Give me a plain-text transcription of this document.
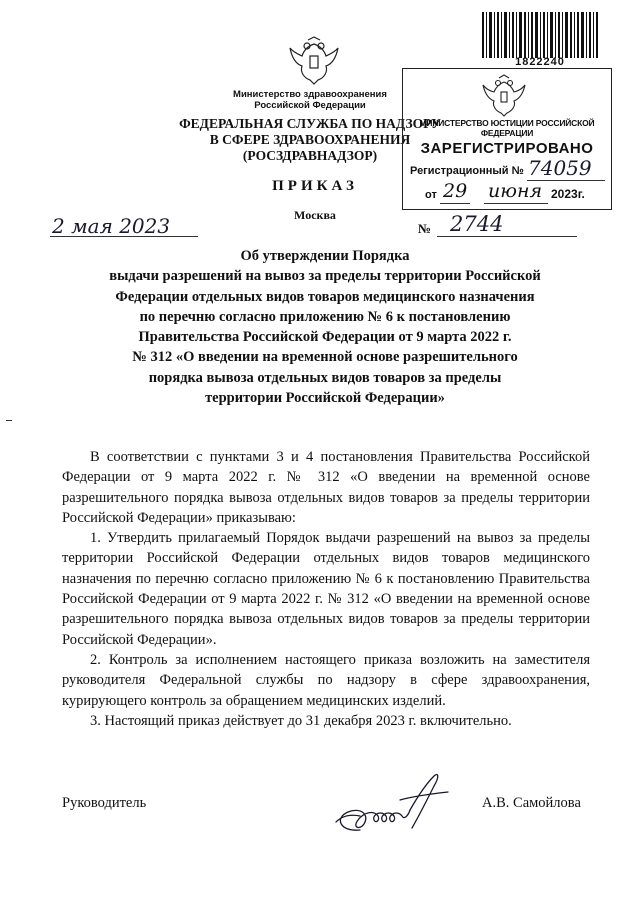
1822240
Министерство здравоохранения
Российской Федерации
ФЕДЕРАЛЬНАЯ СЛУЖБА ПО НАДЗОРУ
В СФЕРЕ ЗДРАВООХРАНЕНИЯ
(РОСЗДРАВНАДЗОР)
МИНИСТЕРСТВО ЮСТИЦИИ РОССИЙСКОЙ ФЕДЕРАЦИИ
ЗАРЕГИСТРИРОВАНО
Регистрационный № 74059
от 29 июня 2023г.
ПРИКАЗ
Москва
2 мая 2023	№ 2744
Об утверждении Порядка
выдачи разрешений на вывоз за пределы территории Российской
Федерации отдельных видов товаров медицинского назначения
по перечню согласно приложению № 6 к постановлению
Правительства Российской Федерации от 9 марта 2022 г.
№ 312 «О введении на временной основе разрешительного
порядка вывоза отдельных видов товаров за пределы
территории Российской Федерации»

В соответствии с пунктами 3 и 4 постановления Правительства Российской Федерации от 9 марта 2022 г. № 312 «О введении на временной основе разрешительного порядка вывоза отдельных видов товаров за пределы территории Российской Федерации» приказываю:

1. Утвердить прилагаемый Порядок выдачи разрешений на вывоз за пределы территории Российской Федерации отдельных видов товаров медицинского назначения по перечню согласно приложению № 6 к постановлению Правительства Российской Федерации от 9 марта 2022 г. № 312 «О введении на временной основе разрешительного порядка вывоза отдельных видов товаров за пределы территории Российской Федерации».

2. Контроль за исполнением настоящего приказа возложить на заместителя руководителя Федеральной службы по надзору в сфере здравоохранения, курирующего контроль за обращением медицинских изделий.

3. Настоящий приказ действует до 31 декабря 2023 г. включительно.

Руководитель	А.В. Самойлова
